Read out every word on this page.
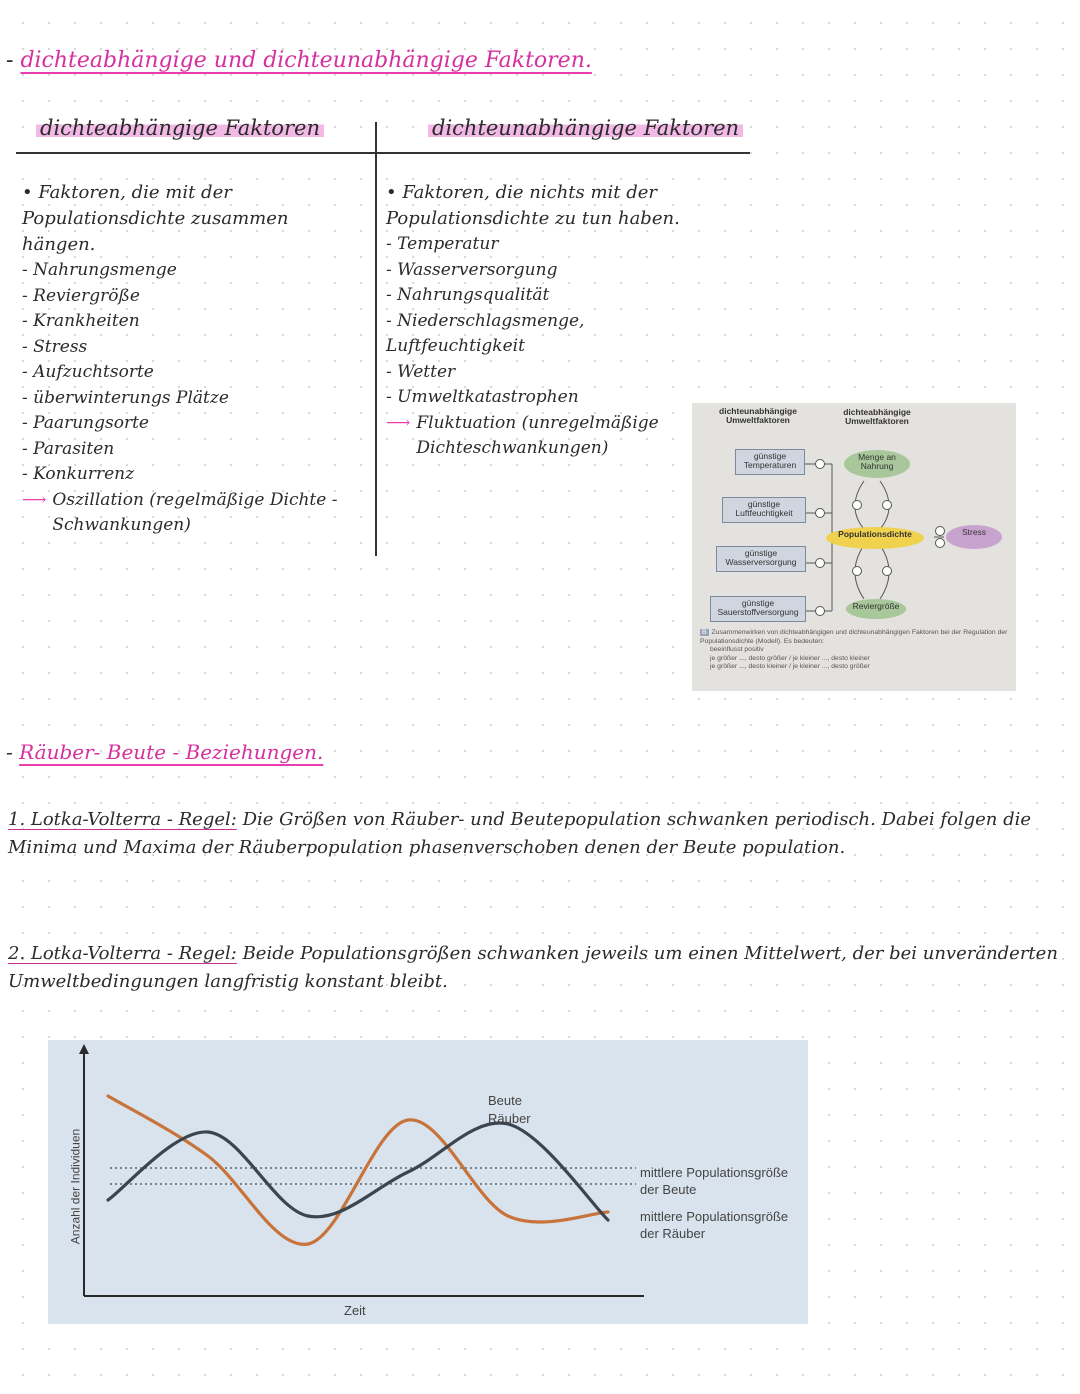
- dichteabhängige und dichteunabhängige Faktoren.
dichteabhängige Faktoren	dichteunabhängige Faktoren
• Faktoren, die mit der Populationsdichte zusammen hängen.
- Nahrungsmenge
- Reviergröße
- Krankheiten
- Stress
- Aufzuchtsorte
- überwinterungs Plätze
- Paarungsorte
- Parasiten
- Konkurrenz
⟶ Oszillation (regelmäßige Dichte - Schwankungen)
• Faktoren, die nichts mit der Populationsdichte zu tun haben.
- Temperatur
- Wasserversorgung
- Nahrungsqualität
- Niederschlagsmenge, Luftfeuchtigkeit
- Wetter
- Umweltkatastrophen
⟶ Fluktuation (unregelmäßige Dichteschwankungen)
dichteunabhängige Umweltfaktoren
dichteabhängige Umweltfaktoren
günstige Temperaturen
günstige Luftfeuchtigkeit
günstige Wasserversorgung
günstige Sauerstoffversorgung
Menge an Nahrung
Populationsdichte
Reviergröße
Stress
B Zusammenwirken von dichteabhängigen und dichteunabhängigen Faktoren bei der Regulation der Populationsdichte (Modell). Es bedeuten:
beeinflusst positiv
je größer ..., desto größer / je kleiner ..., desto kleiner
je größer ..., desto kleiner / je kleiner ..., desto größer
- Räuber- Beute - Beziehungen.
1. Lotka-Volterra - Regel: Die Größen von Räuber- und Beutepopulation schwanken periodisch. Dabei folgen die Minima und Maxima der Räuberpopulation phasenverschoben denen der Beute population.
2. Lotka-Volterra - Regel: Beide Populationsgrößen schwanken jeweils um einen Mittelwert, der bei unveränderten Umweltbedingungen langfristig konstant bleibt.
Beute
Räuber
mittlere Populationsgröße der Beute
mittlere Populationsgröße der Räuber
Zeit
Anzahl der Individuen
